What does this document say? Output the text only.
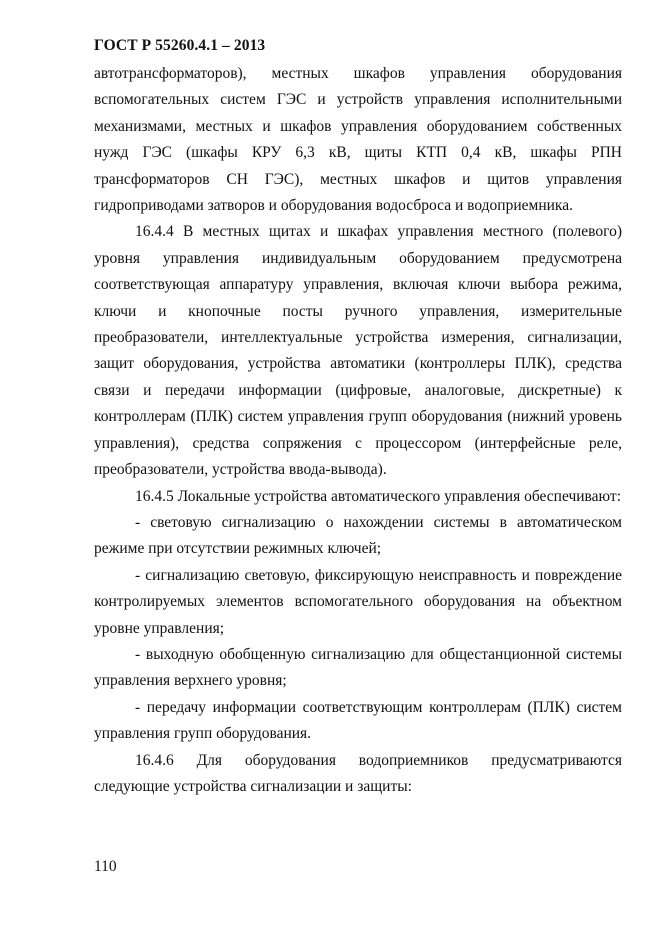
ГОСТ Р 55260.4.1 – 2013

автотрансформаторов), местных шкафов управления оборудования вспомогательных систем ГЭС и устройств управления исполнительными механизмами, местных и шкафов управления оборудованием собственных нужд ГЭС (шкафы КРУ 6,3 кВ, щиты КТП 0,4 кВ, шкафы РПН трансформаторов СН ГЭС), местных шкафов и щитов управления гидроприводами затворов и оборудования водосброса и водоприемника.

16.4.4 В местных щитах и шкафах управления местного (полевого) уровня управления индивидуальным оборудованием предусмотрена соответствующая аппаратуру управления, включая ключи выбора режима, ключи и кнопочные посты ручного управления, измерительные преобразователи, интеллектуальные устройства измерения, сигнализации, защит оборудования, устройства автоматики (контроллеры ПЛК), средства связи и передачи информации (цифровые, аналоговые, дискретные) к контроллерам (ПЛК) систем управления групп оборудования (нижний уровень управления), средства сопряжения с процессором (интерфейсные реле, преобразователи, устройства ввода-вывода).

16.4.5 Локальные устройства автоматического управления обеспечивают:

- световую сигнализацию о нахождении системы в автоматическом режиме при отсутствии режимных ключей;

- сигнализацию световую, фиксирующую неисправность и повреждение контролируемых элементов вспомогательного оборудования на объектном уровне управления;

- выходную обобщенную сигнализацию для общестанционной системы управления верхнего уровня;

- передачу информации соответствующим контроллерам (ПЛК) систем управления групп оборудования.

16.4.6 Для оборудования водоприемников предусматриваются следующие устройства сигнализации и защиты:

110
